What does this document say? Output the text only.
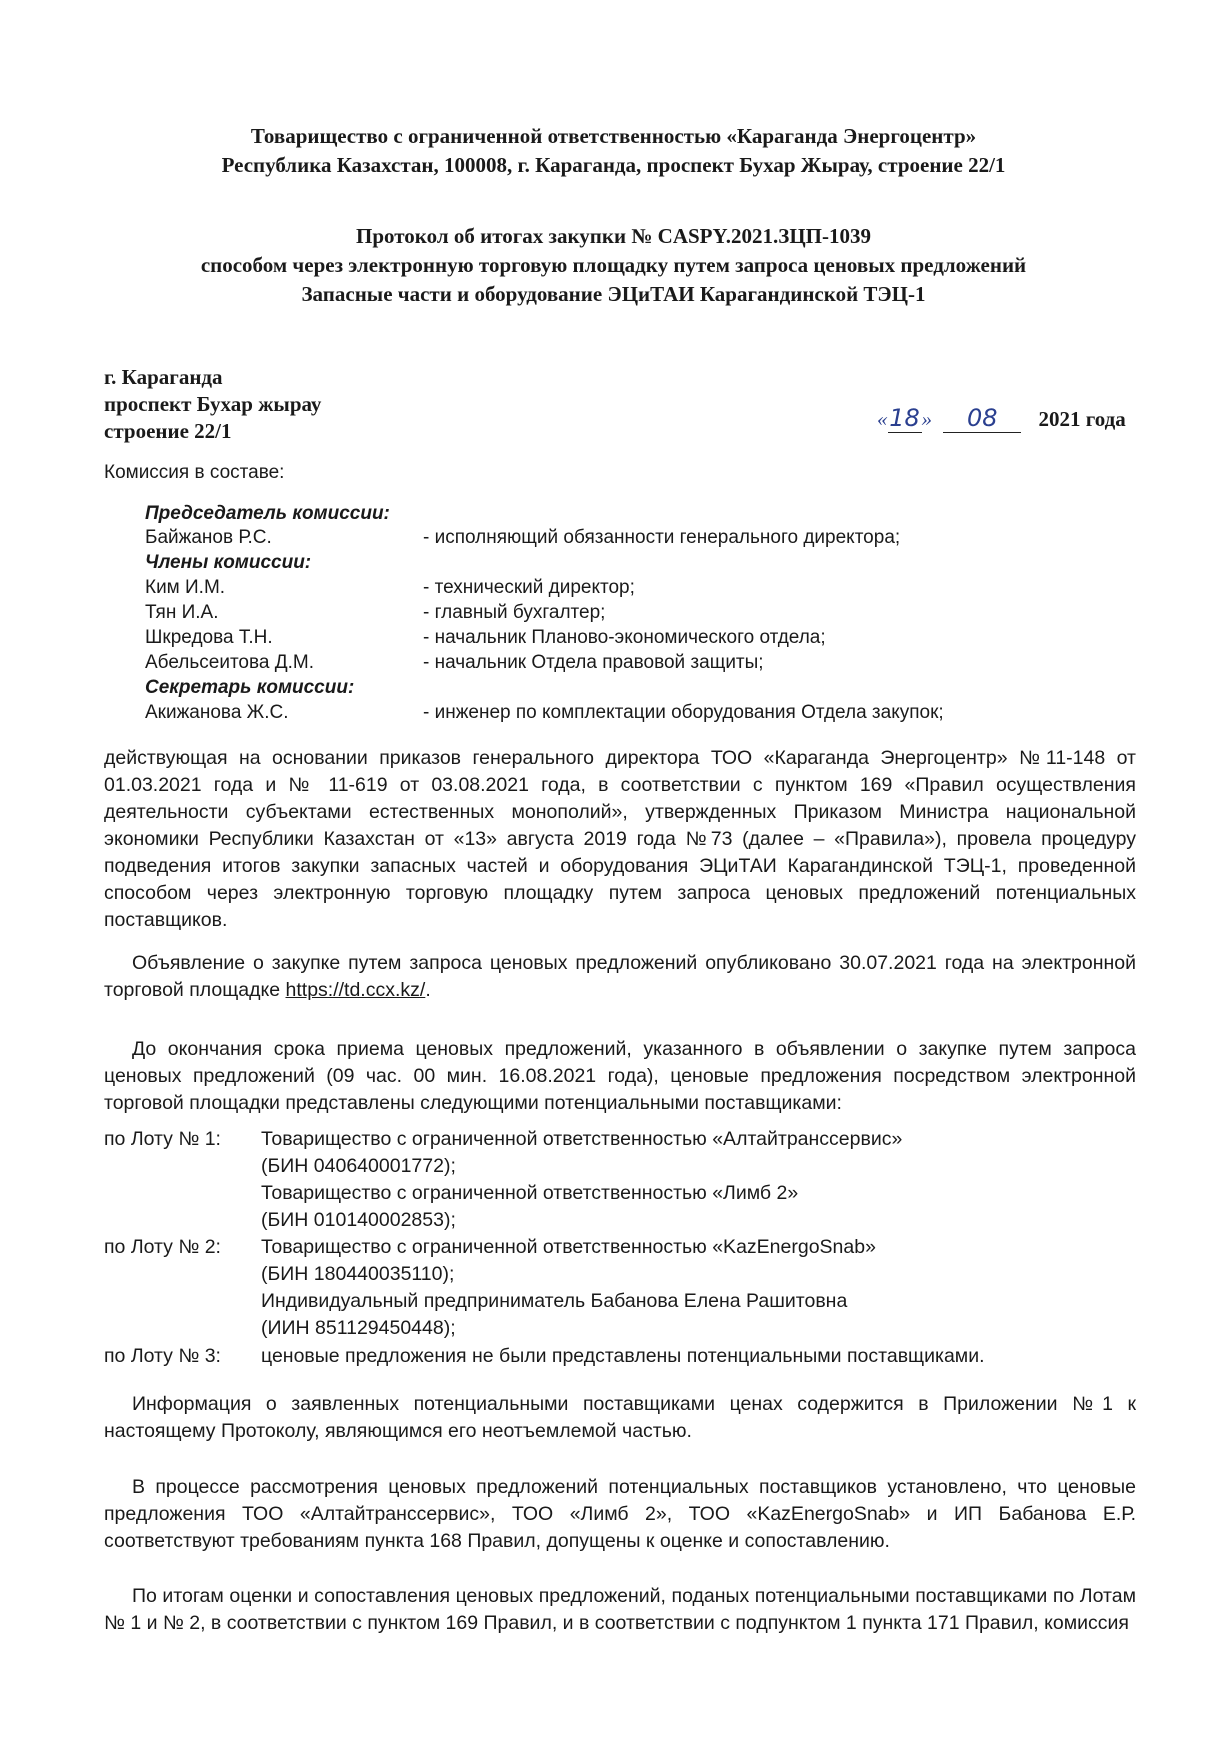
Товарищество с ограниченной ответственностью «Караганда Энергоцентр»
Республика Казахстан, 100008, г. Караганда, проспект Бухар Жырау, строение 22/1
Протокол об итогах закупки № CASPY.2021.ЗЦП-1039
способом через электронную торговую площадку путем запроса ценовых предложений
Запасные части и оборудование ЭЦиТАИ Карагандинской ТЭЦ-1
г. Караганда
проспект Бухар жырау
строение 22/1	«18» 08 2021 года
Комиссия в составе:
Председатель комиссии:
Байжанов Р.С.	- исполняющий обязанности генерального директора;
Члены комиссии:
Ким И.М.	- технический директор;
Тян И.А.	- главный бухгалтер;
Шкредова Т.Н.	- начальник Планово-экономического отдела;
Абельсеитова Д.М.	- начальник Отдела правовой защиты;
Секретарь комиссии:
Акижанова Ж.С.	- инженер по комплектации оборудования Отдела закупок;

действующая на основании приказов генерального директора ТОО «Караганда Энергоцентр» №11-148 от 01.03.2021 года и № 11-619 от 03.08.2021 года, в соответствии с пунктом 169 «Правил осуществления деятельности субъектами естественных монополий», утвержденных Приказом Министра национальной экономики Республики Казахстан от «13» августа 2019 года №73 (далее – «Правила»), провела процедуру подведения итогов закупки запасных частей и оборудования ЭЦиТАИ Карагандинской ТЭЦ-1, проведенной способом через электронную торговую площадку путем запроса ценовых предложений потенциальных поставщиков.

Объявление о закупке путем запроса ценовых предложений опубликовано 30.07.2021 года на электронной торговой площадке https://td.ccx.kz/.

До окончания срока приема ценовых предложений, указанного в объявлении о закупке путем запроса ценовых предложений (09 час. 00 мин. 16.08.2021 года), ценовые предложения посредством электронной торговой площадки представлены следующими потенциальными поставщиками:

по Лоту № 1: Товарищество с ограниченной ответственностью «Алтайтранссервис»
(БИН 040640001772);
Товарищество с ограниченной ответственностью «Лимб 2»
(БИН 010140002853);
по Лоту № 2: Товарищество с ограниченной ответственностью «KazEnergoSnab»
(БИН 180440035110);
Индивидуальный предприниматель Бабанова Елена Рашитовна
(ИИН 851129450448);
по Лоту № 3: ценовые предложения не были представлены потенциальными поставщиками.

Информация о заявленных потенциальными поставщиками ценах содержится в Приложении №1 к настоящему Протоколу, являющимся его неотъемлемой частью.

В процессе рассмотрения ценовых предложений потенциальных поставщиков установлено, что ценовые предложения ТОО «Алтайтранссервис», ТОО «Лимб 2», ТОО «KazEnergoSnab» и ИП Бабанова Е.Р. соответствуют требованиям пункта 168 Правил, допущены к оценке и сопоставлению.

По итогам оценки и сопоставления ценовых предложений, поданых потенциальными поставщиками по Лотам № 1 и № 2, в соответствии с пунктом 169 Правил, и в соответствии с подпунктом 1 пункта 171 Правил, комиссия
